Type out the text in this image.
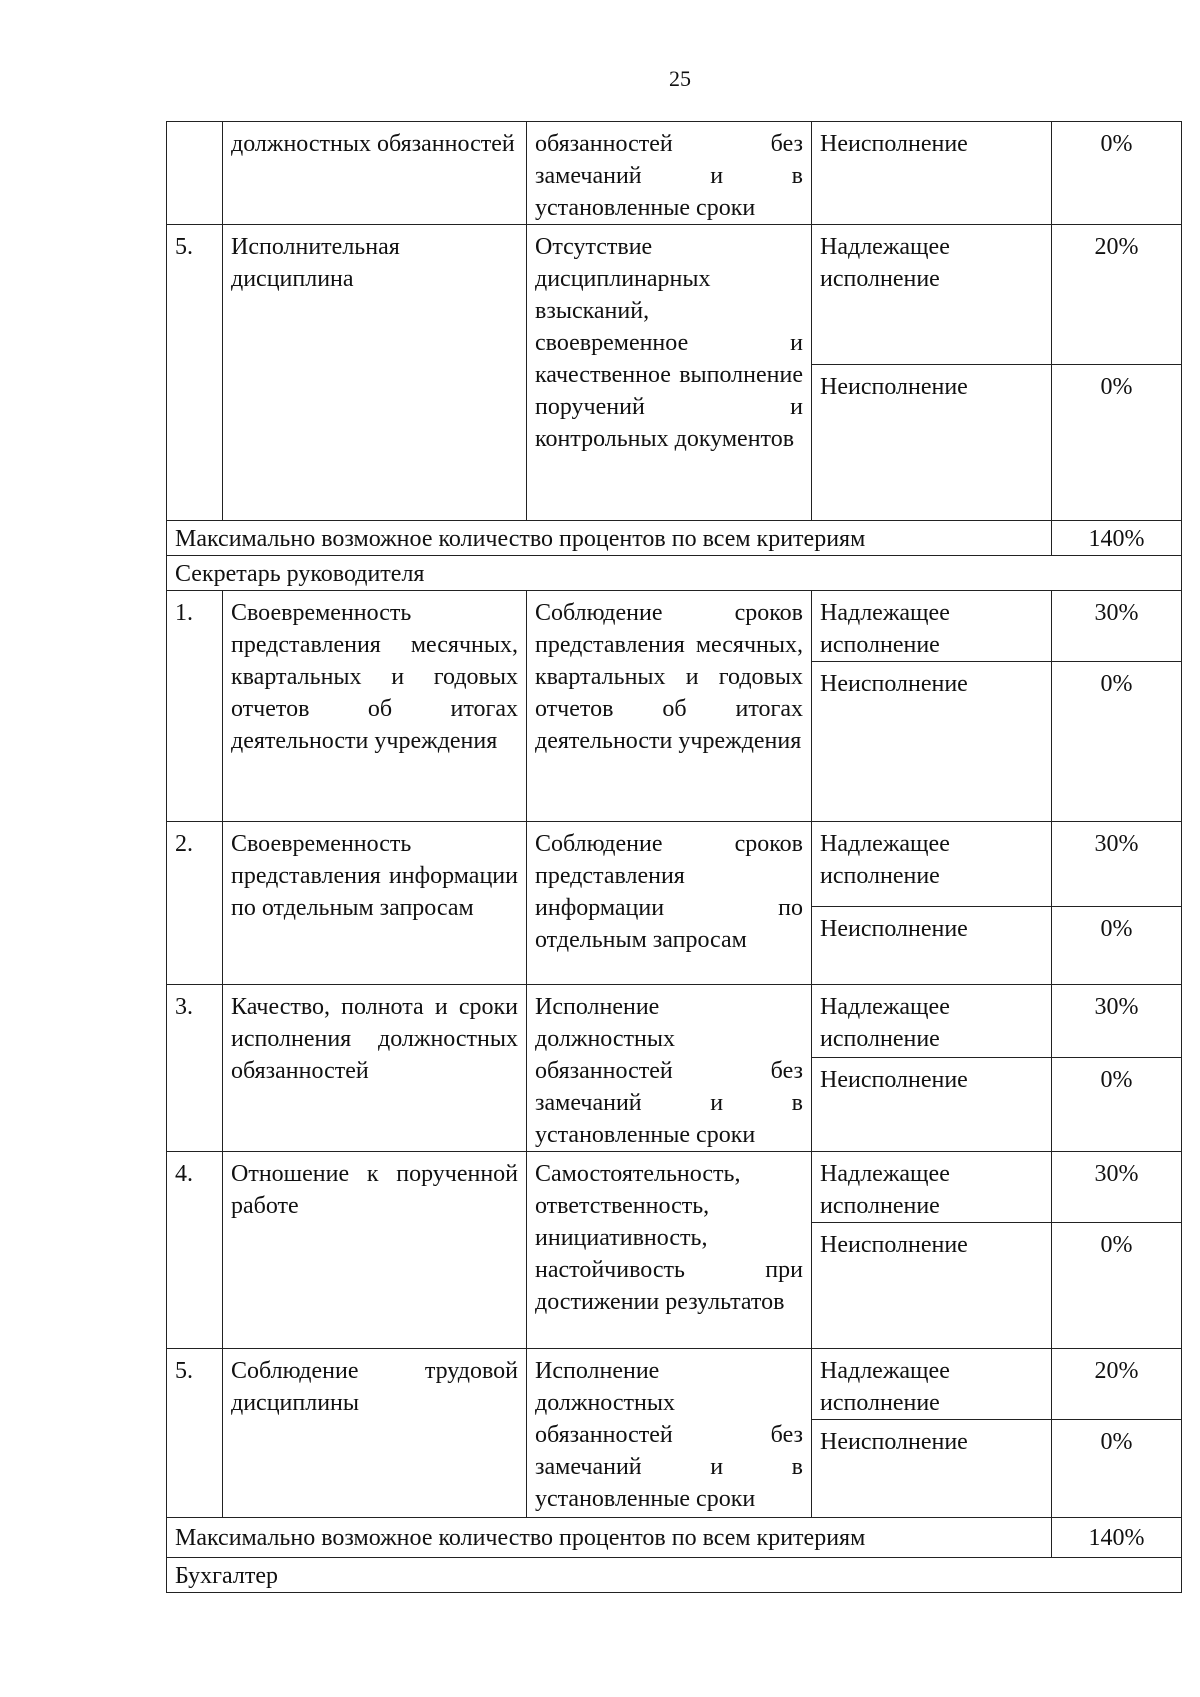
25
	должностных обязанностей	обязанностей без замечаний и в установленные сроки	Неисполнение	0%
5.	Исполнительная дисциплина	Отсутствие дисциплинарных взысканий, своевременное и качественное выполнение поручений и контрольных документов	Надлежащее исполнение	20%
			Неисполнение	0%
Максимально возможное количество процентов по всем критериям				140%
Секретарь руководителя				
1.	Своевременность представления месячных, квартальных и годовых отчетов об итогах деятельности учреждения	Соблюдение сроков представления месячных, квартальных и годовых отчетов об итогах деятельности учреждения	Надлежащее исполнение	30%
			Неисполнение	0%
2.	Своевременность представления информации по отдельным запросам	Соблюдение сроков представления информации по отдельным запросам	Надлежащее исполнение	30%
			Неисполнение	0%
3.	Качество, полнота и сроки исполнения должностных обязанностей	Исполнение должностных обязанностей без замечаний и в установленные сроки	Надлежащее исполнение	30%
			Неисполнение	0%
4.	Отношение к порученной работе	Самостоятельность, ответственность, инициативность, настойчивость при достижении результатов	Надлежащее исполнение	30%
			Неисполнение	0%
5.	Соблюдение трудовой дисциплины	Исполнение должностных обязанностей без замечаний и в установленные сроки	Надлежащее исполнение	20%
			Неисполнение	0%
Максимально возможное количество процентов по всем критериям				140%
Бухгалтер				
